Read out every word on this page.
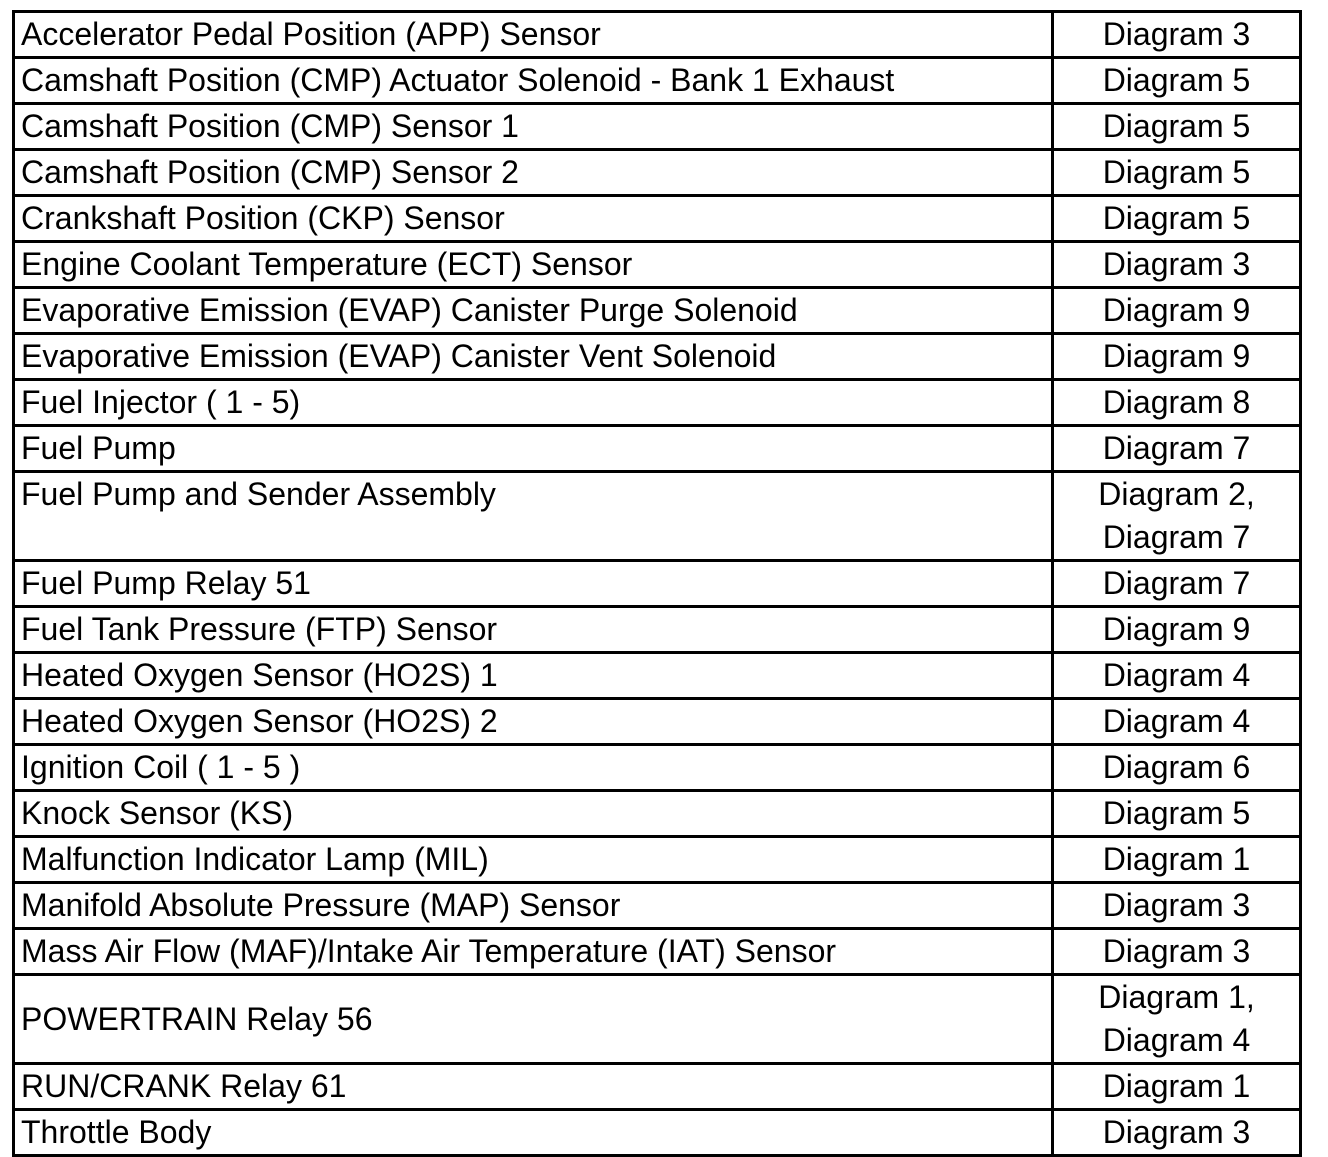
Accelerator Pedal Position (APP) Sensor	Diagram 3

Camshaft Position (CMP) Actuator Solenoid - Bank 1 Exhaust	Diagram 5

Camshaft Position (CMP) Sensor 1	Diagram 5

Camshaft Position (CMP) Sensor 2	Diagram 5

Crankshaft Position (CKP) Sensor	Diagram 5

Engine Coolant Temperature (ECT) Sensor	Diagram 3

Evaporative Emission (EVAP) Canister Purge Solenoid	Diagram 9

Evaporative Emission (EVAP) Canister Vent Solenoid	Diagram 9

Fuel Injector ( 1 - 5)	Diagram 8

Fuel Pump	Diagram 7

Fuel Pump and Sender Assembly	Diagram 2,
Diagram 7

Fuel Pump Relay 51	Diagram 7

Fuel Tank Pressure (FTP) Sensor	Diagram 9

Heated Oxygen Sensor (HO2S) 1	Diagram 4

Heated Oxygen Sensor (HO2S) 2	Diagram 4

Ignition Coil ( 1 - 5 )	Diagram 6

Knock Sensor (KS)	Diagram 5

Malfunction Indicator Lamp (MIL)	Diagram 1

Manifold Absolute Pressure (MAP) Sensor	Diagram 3

Mass Air Flow (MAF)/Intake Air Temperature (IAT) Sensor	Diagram 3

POWERTRAIN Relay 56	Diagram 1,
Diagram 4

RUN/CRANK Relay 61	Diagram 1

Throttle Body	Diagram 3
